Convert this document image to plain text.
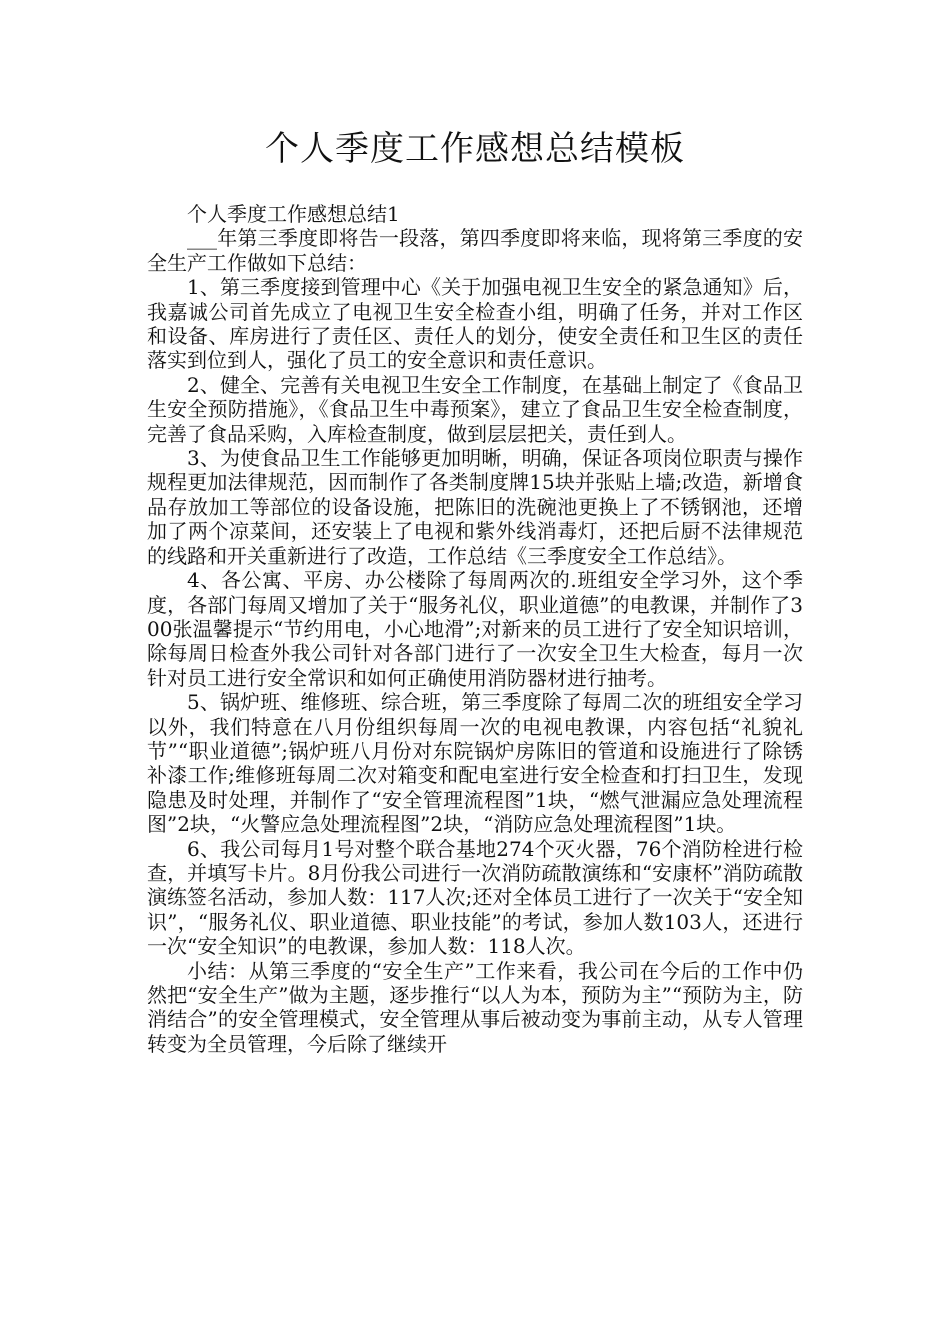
个人季度工作感想总结模板

个人季度工作感想总结1

___年第三季度即将告一段落，第四季度即将来临，现将第三季度的安全生产工作做如下总结：

1、第三季度接到管理中心《关于加强电视卫生安全的紧急通知》后，我嘉诚公司首先成立了电视卫生安全检查小组，明确了任务，并对工作区和设备、库房进行了责任区、责任人的划分，使安全责任和卫生区的责任落实到位到人，强化了员工的安全意识和责任意识。

2、健全、完善有关电视卫生安全工作制度，在基础上制定了《食品卫生安全预防措施》，《食品卫生中毒预案》，建立了食品卫生安全检查制度，完善了食品采购，入库检查制度，做到层层把关，责任到人。

3、为使食品卫生工作能够更加明晰，明确，保证各项岗位职责与操作规程更加法律规范，因而制作了各类制度牌15块并张贴上墙;改造，新增食品存放加工等部位的设备设施，把陈旧的洗碗池更换上了不锈钢池，还增加了两个凉菜间，还安装上了电视和紫外线消毒灯，还把后厨不法律规范的线路和开关重新进行了改造，工作总结《三季度安全工作总结》。

4、各公寓、平房、办公楼除了每周两次的.班组安全学习外，这个季度，各部门每周又增加了关于“服务礼仪，职业道德”的电教课，并制作了300张温馨提示“节约用电，小心地滑”;对新来的员工进行了安全知识培训，除每周日检查外我公司针对各部门进行了一次安全卫生大检查，每月一次针对员工进行安全常识和如何正确使用消防器材进行抽考。

5、锅炉班、维修班、综合班，第三季度除了每周二次的班组安全学习以外，我们特意在八月份组织每周一次的电视电教课，内容包括“礼貌礼节”“职业道德”;锅炉班八月份对东院锅炉房陈旧的管道和设施进行了除锈补漆工作;维修班每周二次对箱变和配电室进行安全检查和打扫卫生，发现隐患及时处理，并制作了“安全管理流程图”1块，“燃气泄漏应急处理流程图”2块，“火警应急处理流程图”2块，“消防应急处理流程图”1块。

6、我公司每月1号对整个联合基地274个灭火器，76个消防栓进行检查，并填写卡片。8月份我公司进行一次消防疏散演练和“安康杯”消防疏散演练签名活动，参加人数：117人次;还对全体员工进行了一次关于“安全知识”，“服务礼仪、职业道德、职业技能”的考试，参加人数103人，还进行一次“安全知识”的电教课，参加人数：118人次。

小结：从第三季度的“安全生产”工作来看，我公司在今后的工作中仍然把“安全生产”做为主题，逐步推行“以人为本，预防为主”“预防为主，防消结合”的安全管理模式，安全管理从事后被动变为事前主动，从专人管理转变为全员管理，今后除了继续开
